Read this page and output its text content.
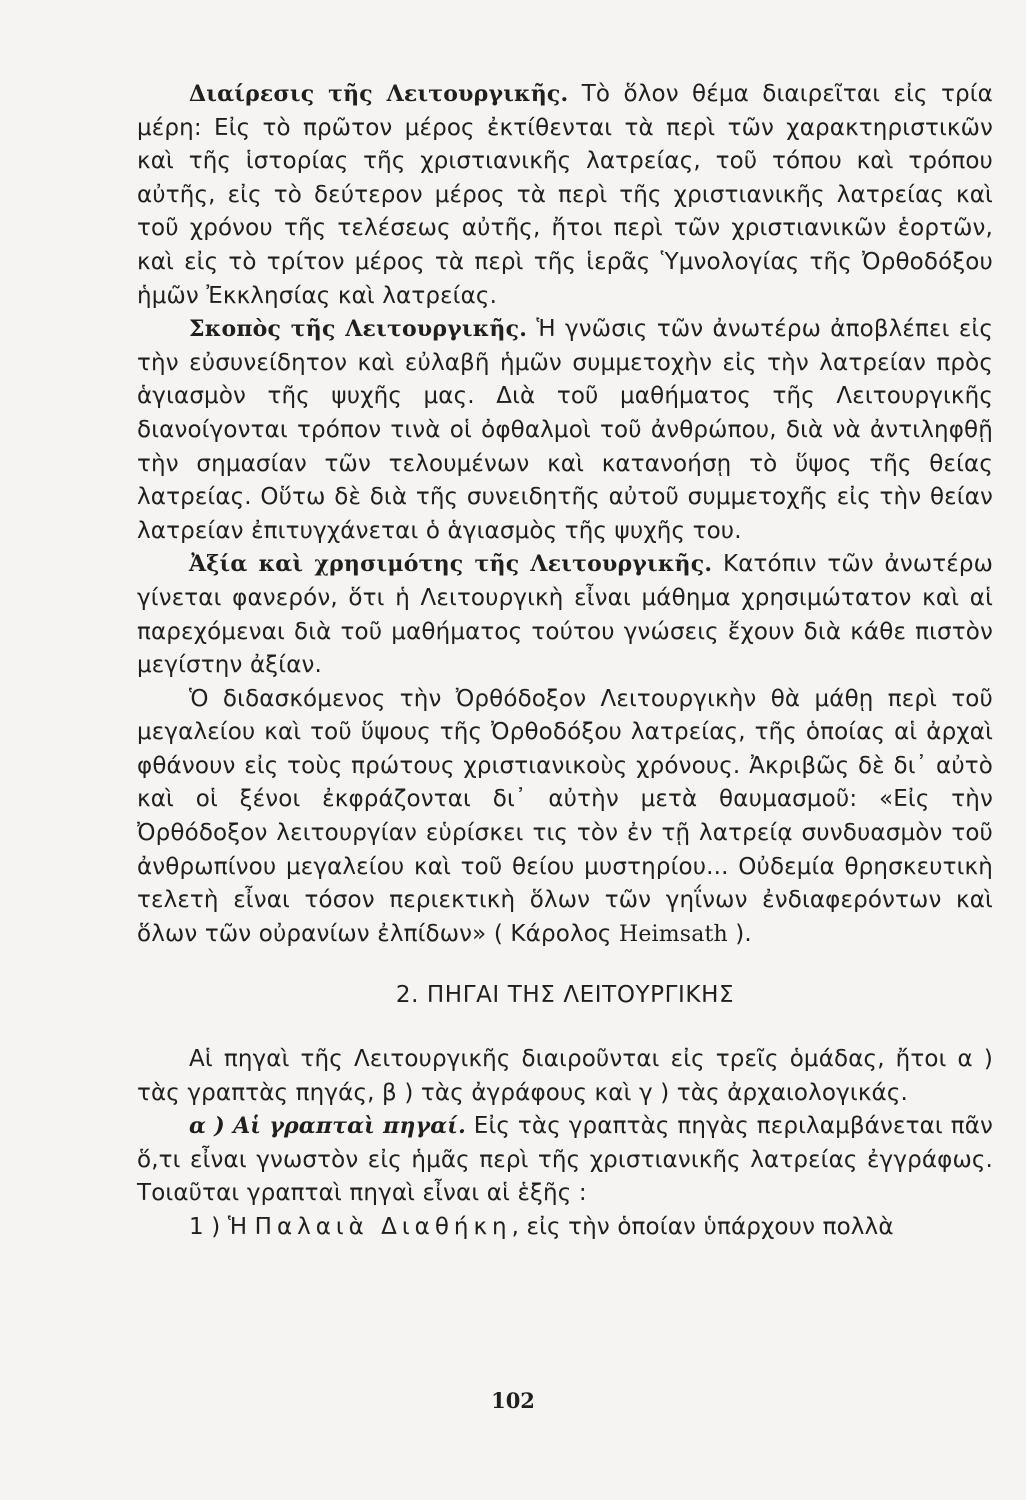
Διαίρεσις τῆς Λειτουργικῆς. Τὸ ὅλον θέμα διαιρεῖται εἰς τρία μέρη: Εἰς τὸ πρῶτον μέρος ἐκτίθενται τὰ περὶ τῶν χαρακτηριστικῶν καὶ τῆς ἱστορίας τῆς χριστιανικῆς λατρείας, τοῦ τόπου καὶ τρόπου αὐτῆς, εἰς τὸ δεύτερον μέρος τὰ περὶ τῆς χριστιανικῆς λατρείας καὶ τοῦ χρόνου τῆς τελέσεως αὐτῆς, ἤτοι περὶ τῶν χριστιανικῶν ἑορτῶν, καὶ εἰς τὸ τρίτον μέρος τὰ περὶ τῆς ἱερᾶς Ὑμνολογίας τῆς Ὀρθοδόξου ἡμῶν Ἐκκλησίας καὶ λατρείας.

Σκοπὸς τῆς Λειτουργικῆς. Ἡ γνῶσις τῶν ἀνωτέρω ἀποβλέπει εἰς τὴν εὐσυνείδητον καὶ εὐλαβῆ ἡμῶν συμμετοχὴν εἰς τὴν λατρείαν πρὸς ἁγιασμὸν τῆς ψυχῆς μας. Διὰ τοῦ μαθήματος τῆς Λειτουργικῆς διανοίγονται τρόπον τινὰ οἱ ὀφθαλμοὶ τοῦ ἀνθρώπου, διὰ νὰ ἀντιληφθῇ τὴν σημασίαν τῶν τελουμένων καὶ κατανοήσῃ τὸ ὕψος τῆς θείας λατρείας. Οὕτω δὲ διὰ τῆς συνειδητῆς αὐτοῦ συμμετοχῆς εἰς τὴν θείαν λατρείαν ἐπιτυγχάνεται ὁ ἁγιασμὸς τῆς ψυχῆς του.

Ἀξία καὶ χρησιμότης τῆς Λειτουργικῆς. Κατόπιν τῶν ἀνωτέρω γίνεται φανερόν, ὅτι ἡ Λειτουργικὴ εἶναι μάθημα χρησιμώτατον καὶ αἱ παρεχόμεναι διὰ τοῦ μαθήματος τούτου γνώσεις ἔχουν διὰ κάθε πιστὸν μεγίστην ἀξίαν.

Ὁ διδασκόμενος τὴν Ὀρθόδοξον Λειτουργικὴν θὰ μάθῃ περὶ τοῦ μεγαλείου καὶ τοῦ ὕψους τῆς Ὀρθοδόξου λατρείας, τῆς ὁποίας αἱ ἀρχαὶ φθάνουν εἰς τοὺς πρώτους χριστιανικοὺς χρόνους. Ἀκριβῶς δὲ δι᾽ αὐτὸ καὶ οἱ ξένοι ἐκφράζονται δι᾽ αὐτὴν μετὰ θαυμασμοῦ: «Εἰς τὴν Ὀρθόδοξον λειτουργίαν εὑρίσκει τις τὸν ἐν τῇ λατρείᾳ συνδυασμὸν τοῦ ἀνθρωπίνου μεγαλείου καὶ τοῦ θείου μυστηρίου... Οὐδεμία θρησκευτικὴ τελετὴ εἶναι τόσον περιεκτικὴ ὅλων τῶν γηΐνων ἐνδιαφερόντων καὶ ὅλων τῶν οὐρανίων ἐλπίδων» ( Κάρολος Heimsath ).

2. ΠΗΓΑΙ ΤΗΣ ΛΕΙΤΟΥΡΓΙΚΗΣ

Αἱ πηγαὶ τῆς Λειτουργικῆς διαιροῦνται εἰς τρεῖς ὁμάδας, ἤτοι α ) τὰς γραπτὰς πηγάς, β ) τὰς ἀγράφους καὶ γ ) τὰς ἀρχαιολογικάς.

α ) Αἱ γραπταὶ πηγαί. Εἰς τὰς γραπτὰς πηγὰς περιλαμβάνεται πᾶν ὅ,τι εἶναι γνωστὸν εἰς ἡμᾶς περὶ τῆς χριστιανικῆς λατρείας ἐγγράφως. Τοιαῦται γραπταὶ πηγαὶ εἶναι αἱ ἑξῆς :

1 ) Ἡ Παλαιὰ Διαθήκη, εἰς τὴν ὁποίαν ὑπάρχουν πολλὰ

102
